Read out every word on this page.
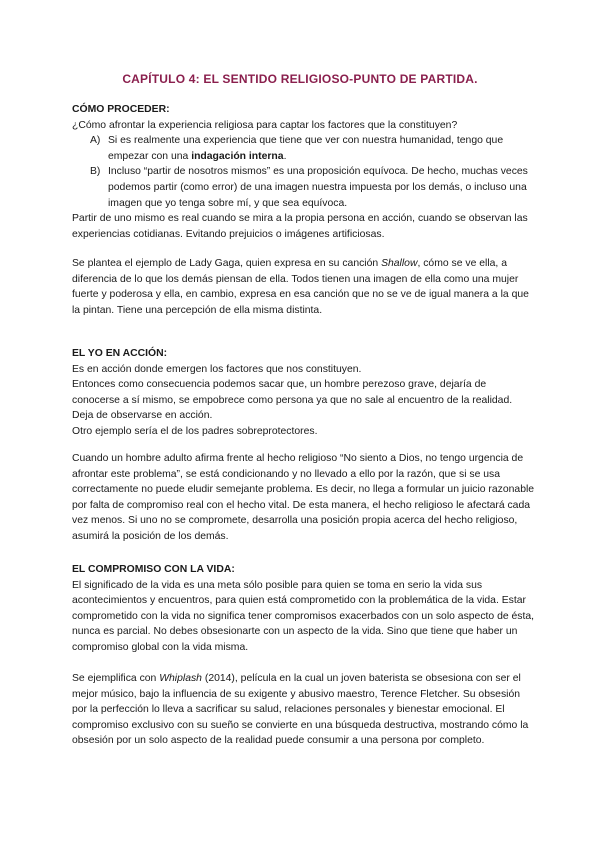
CAPÍTULO 4: EL SENTIDO RELIGIOSO-PUNTO DE PARTIDA.

CÓMO PROCEDER:

¿Cómo afrontar la experiencia religiosa para captar los factores que la constituyen?

A) Si es realmente una experiencia que tiene que ver con nuestra humanidad, tengo que empezar con una indagación interna.
B) Incluso “partir de nosotros mismos” es una proposición equívoca. De hecho, muchas veces podemos partir (como error) de una imagen nuestra impuesta por los demás, o incluso una imagen que yo tenga sobre mí, y que sea equívoca.

Partir de uno mismo es real cuando se mira a la propia persona en acción, cuando se observan las experiencias cotidianas. Evitando prejuicios o imágenes artificiosas.

Se plantea el ejemplo de Lady Gaga, quien expresa en su canción Shallow, cómo se ve ella, a diferencia de lo que los demás piensan de ella. Todos tienen una imagen de ella como una mujer fuerte y poderosa y ella, en cambio, expresa en esa canción que no se ve de igual manera a la que la pintan. Tiene una percepción de ella misma distinta.

EL YO EN ACCIÓN:

Es en acción donde emergen los factores que nos constituyen.

Entonces como consecuencia podemos sacar que, un hombre perezoso grave, dejaría de conocerse a sí mismo, se empobrece como persona ya que no sale al encuentro de la realidad. Deja de observarse en acción.

Otro ejemplo sería el de los padres sobreprotectores.

Cuando un hombre adulto afirma frente al hecho religioso “No siento a Dios, no tengo urgencia de afrontar este problema”, se está condicionando y no llevado a ello por la razón, que si se usa correctamente no puede eludir semejante problema. Es decir, no llega a formular un juicio razonable por falta de compromiso real con el hecho vital. De esta manera, el hecho religioso le afectará cada vez menos. Si uno no se compromete, desarrolla una posición propia acerca del hecho religioso, asumirá la posición de los demás.

EL COMPROMISO CON LA VIDA:

El significado de la vida es una meta sólo posible para quien se toma en serio la vida sus acontecimientos y encuentros, para quien está comprometido con la problemática de la vida. Estar comprometido con la vida no significa tener compromisos exacerbados con un solo aspecto de ésta, nunca es parcial. No debes obsesionarte con un aspecto de la vida. Sino que tiene que haber un compromiso global con la vida misma.

Se ejemplifica con Whiplash (2014), película en la cual un joven baterista se obsesiona con ser el mejor músico, bajo la influencia de su exigente y abusivo maestro, Terence Fletcher. Su obsesión por la perfección lo lleva a sacrificar su salud, relaciones personales y bienestar emocional. El compromiso exclusivo con su sueño se convierte en una búsqueda destructiva, mostrando cómo la obsesión por un solo aspecto de la realidad puede consumir a una persona por completo.
